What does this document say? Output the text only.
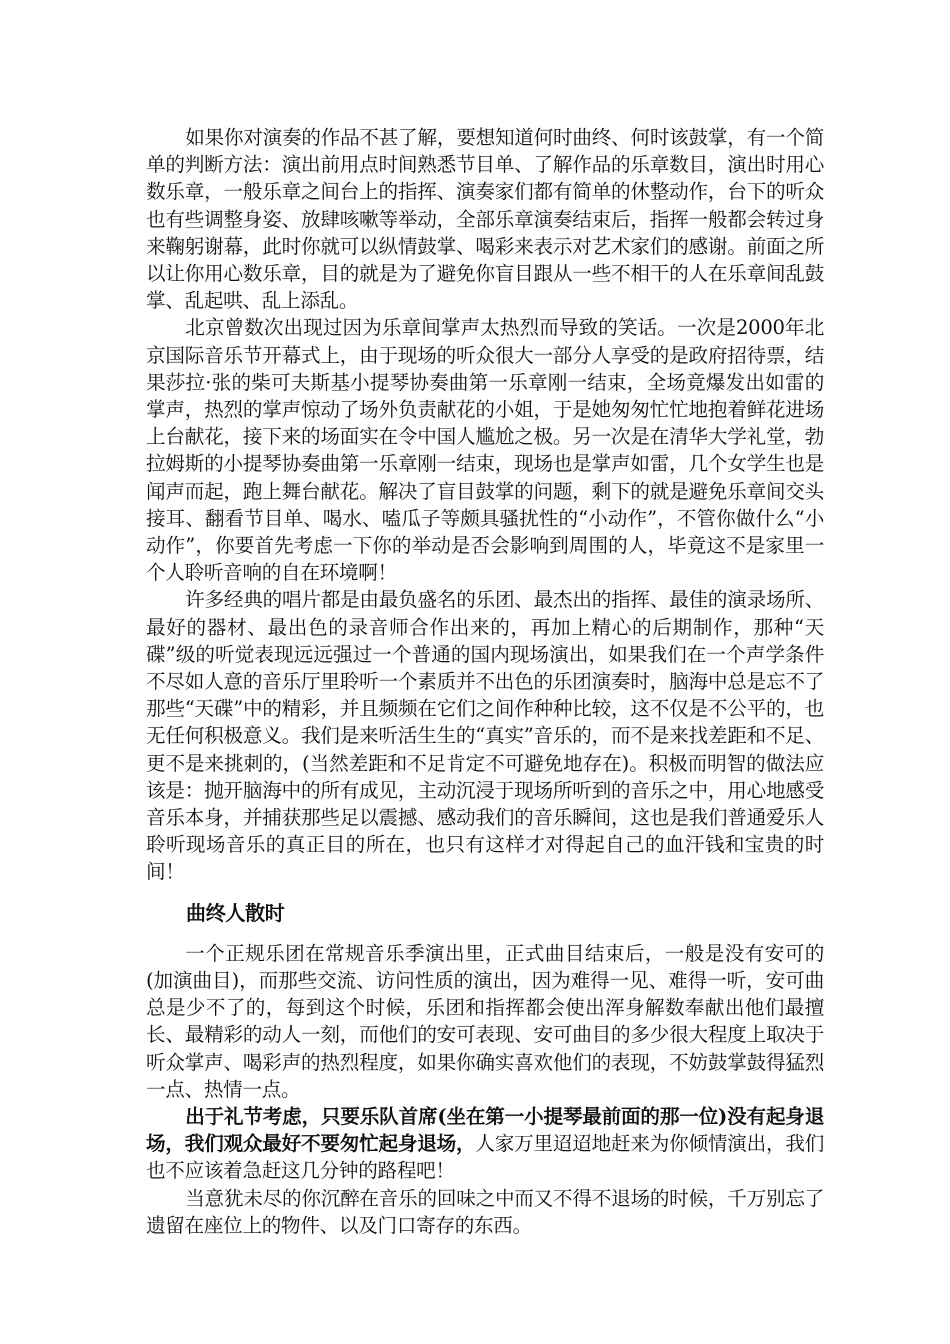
如果你对演奏的作品不甚了解，要想知道何时曲终、何时该鼓掌，有一个简单的判断方法：演出前用点时间熟悉节目单、了解作品的乐章数目，演出时用心数乐章，一般乐章之间台上的指挥、演奏家们都有简单的休整动作，台下的听众也有些调整身姿、放肆咳嗽等举动，全部乐章演奏结束后，指挥一般都会转过身来鞠躬谢幕，此时你就可以纵情鼓掌、喝彩来表示对艺术家们的感谢。前面之所以让你用心数乐章，目的就是为了避免你盲目跟从一些不相干的人在乐章间乱鼓掌、乱起哄、乱上添乱。

北京曾数次出现过因为乐章间掌声太热烈而导致的笑话。一次是2000年北京国际音乐节开幕式上，由于现场的听众很大一部分人享受的是政府招待票，结果莎拉·张的柴可夫斯基小提琴协奏曲第一乐章刚一结束，全场竟爆发出如雷的掌声，热烈的掌声惊动了场外负责献花的小姐，于是她匆匆忙忙地抱着鲜花进场上台献花，接下来的场面实在令中国人尴尬之极。另一次是在清华大学礼堂，勃拉姆斯的小提琴协奏曲第一乐章刚一结束，现场也是掌声如雷，几个女学生也是闻声而起，跑上舞台献花。解决了盲目鼓掌的问题，剩下的就是避免乐章间交头接耳、翻看节目单、喝水、嗑瓜子等颇具骚扰性的“小动作”，不管你做什么“小动作”，你要首先考虑一下你的举动是否会影响到周围的人，毕竟这不是家里一个人聆听音响的自在环境啊！

许多经典的唱片都是由最负盛名的乐团、最杰出的指挥、最佳的演录场所、最好的器材、最出色的录音师合作出来的，再加上精心的后期制作，那种“天碟”级的听觉表现远远强过一个普通的国内现场演出，如果我们在一个声学条件不尽如人意的音乐厅里聆听一个素质并不出色的乐团演奏时，脑海中总是忘不了那些“天碟”中的精彩，并且频频在它们之间作种种比较，这不仅是不公平的，也无任何积极意义。我们是来听活生生的“真实”音乐的，而不是来找差距和不足、更不是来挑刺的，(当然差距和不足肯定不可避免地存在)。积极而明智的做法应该是：抛开脑海中的所有成见，主动沉浸于现场所听到的音乐之中，用心地感受音乐本身，并捕获那些足以震撼、感动我们的音乐瞬间，这也是我们普通爱乐人聆听现场音乐的真正目的所在，也只有这样才对得起自己的血汗钱和宝贵的时间！

曲终人散时

一个正规乐团在常规音乐季演出里，正式曲目结束后，一般是没有安可的(加演曲目)，而那些交流、访问性质的演出，因为难得一见、难得一听，安可曲总是少不了的，每到这个时候，乐团和指挥都会使出浑身解数奉献出他们最擅长、最精彩的动人一刻，而他们的安可表现、安可曲目的多少很大程度上取决于听众掌声、喝彩声的热烈程度，如果你确实喜欢他们的表现，不妨鼓掌鼓得猛烈一点、热情一点。

出于礼节考虑，只要乐队首席(坐在第一小提琴最前面的那一位)没有起身退场，我们观众最好不要匆忙起身退场，人家万里迢迢地赶来为你倾情演出，我们也不应该着急赶这几分钟的路程吧！

当意犹未尽的你沉醉在音乐的回味之中而又不得不退场的时候，千万别忘了遗留在座位上的物件、以及门口寄存的东西。
